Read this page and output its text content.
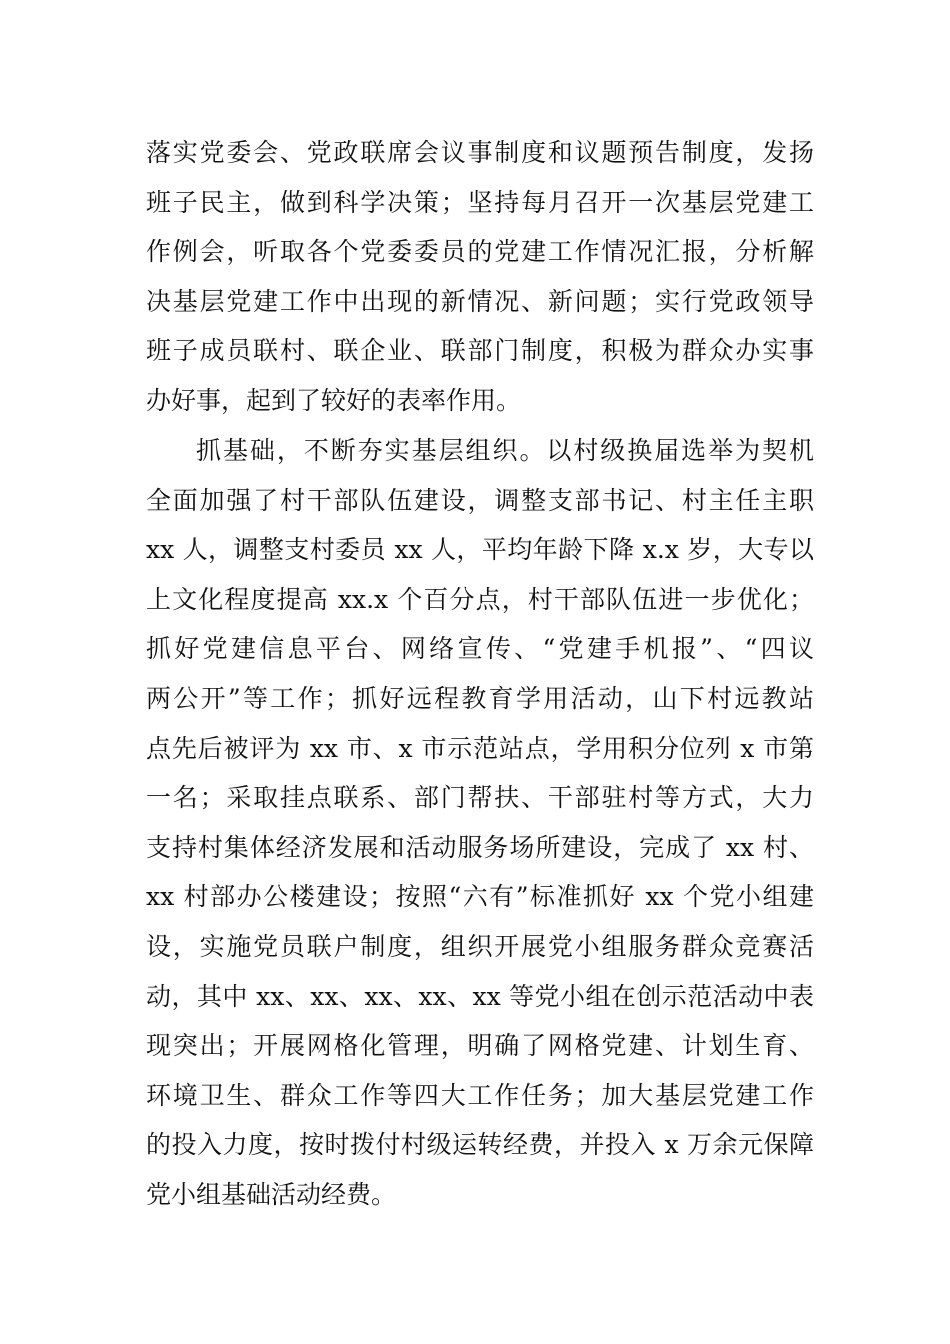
落实党委会、党政联席会议事制度和议题预告制度，发扬
班子民主，做到科学决策；坚持每月召开一次基层党建工
作例会，听取各个党委委员的党建工作情况汇报，分析解
决基层党建工作中出现的新情况、新问题；实行党政领导
班子成员联村、联企业、联部门制度，积极为群众办实事
办好事，起到了较好的表率作用。
抓基础，不断夯实基层组织。以村级换届选举为契机
全面加强了村干部队伍建设，调整支部书记、村主任主职
xx 人，调整支村委员 xx 人，平均年龄下降 x.x 岁，大专以
上文化程度提高 xx.x 个百分点，村干部队伍进一步优化；
抓好党建信息平台、网络宣传、“党建手机报”、“四议
两公开”等工作；抓好远程教育学用活动，山下村远教站
点先后被评为 xx 市、x 市示范站点，学用积分位列 x 市第
一名；采取挂点联系、部门帮扶、干部驻村等方式，大力
支持村集体经济发展和活动服务场所建设，完成了 xx 村、
xx 村部办公楼建设；按照“六有”标准抓好 xx 个党小组建
设，实施党员联户制度，组织开展党小组服务群众竞赛活
动，其中 xx、xx、xx、xx、xx 等党小组在创示范活动中表
现突出；开展网格化管理，明确了网格党建、计划生育、
环境卫生、群众工作等四大工作任务；加大基层党建工作
的投入力度，按时拨付村级运转经费，并投入 x 万余元保障
党小组基础活动经费。
